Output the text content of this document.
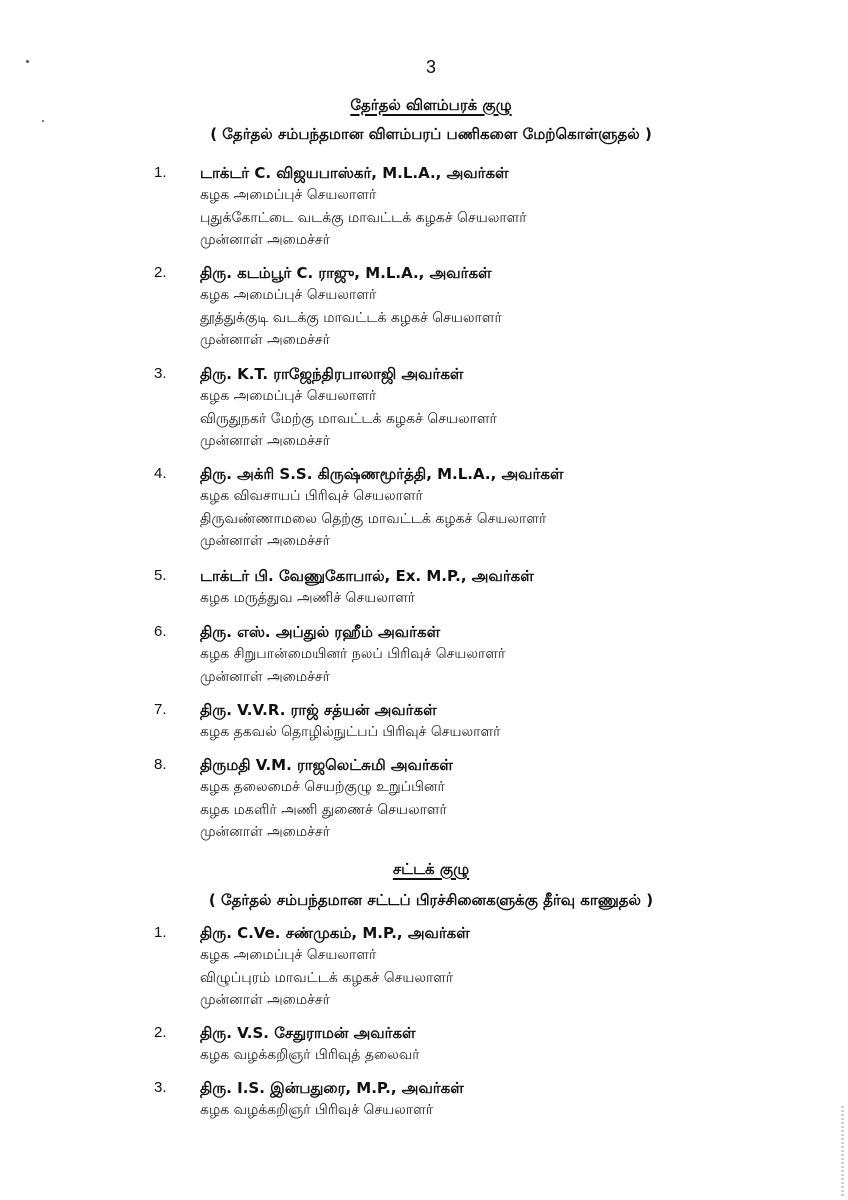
3
தேர்தல் விளம்பரக் குழு
( தேர்தல் சம்பந்தமான விளம்பரப் பணிகளை மேற்கொள்ளுதல் )
1. டாக்டர் C. விஜயபாஸ்கர், M.L.A., அவர்கள்
கழக அமைப்புச் செயலாளர்
புதுக்கோட்டை வடக்கு மாவட்டக் கழகச் செயலாளர்
முன்னாள் அமைச்சர்
2. திரு. கடம்பூர் C. ராஜு, M.L.A., அவர்கள்
கழக அமைப்புச் செயலாளர்
தூத்துக்குடி வடக்கு மாவட்டக் கழகச் செயலாளர்
முன்னாள் அமைச்சர்
3. திரு. K.T. ராஜேந்திரபாலாஜி அவர்கள்
கழக அமைப்புச் செயலாளர்
விருதுநகர் மேற்கு மாவட்டக் கழகச் செயலாளர்
முன்னாள் அமைச்சர்
4. திரு. அக்ரி S.S. கிருஷ்ணமூர்த்தி, M.L.A., அவர்கள்
கழக விவசாயப் பிரிவுச் செயலாளர்
திருவண்ணாமலை தெற்கு மாவட்டக் கழகச் செயலாளர்
முன்னாள் அமைச்சர்
5. டாக்டர் பி. வேணுகோபால், Ex. M.P., அவர்கள்
கழக மருத்துவ அணிச் செயலாளர்
6. திரு. எஸ். அப்துல் ரஹீம் அவர்கள்
கழக சிறுபான்மையினர் நலப் பிரிவுச் செயலாளர்
முன்னாள் அமைச்சர்
7. திரு. V.V.R. ராஜ் சத்யன் அவர்கள்
கழக தகவல் தொழில்நுட்பப் பிரிவுச் செயலாளர்
8. திருமதி V.M. ராஜலெட்சுமி அவர்கள்
கழக தலைமைச் செயற்குழு உறுப்பினர்
கழக மகளிர் அணி துணைச் செயலாளர்
முன்னாள் அமைச்சர்
சட்டக் குழு
( தேர்தல் சம்பந்தமான சட்டப் பிரச்சினைகளுக்கு தீர்வு காணுதல் )
1. திரு. C.Ve. சண்முகம், M.P., அவர்கள்
கழக அமைப்புச் செயலாளர்
விழுப்புரம் மாவட்டக் கழகச் செயலாளர்
முன்னாள் அமைச்சர்
2. திரு. V.S. சேதுராமன் அவர்கள்
கழக வழக்கறிஞர் பிரிவுத் தலைவர்
3. திரு. I.S. இன்பதுரை, M.P., அவர்கள்
கழக வழக்கறிஞர் பிரிவுச் செயலாளர்
